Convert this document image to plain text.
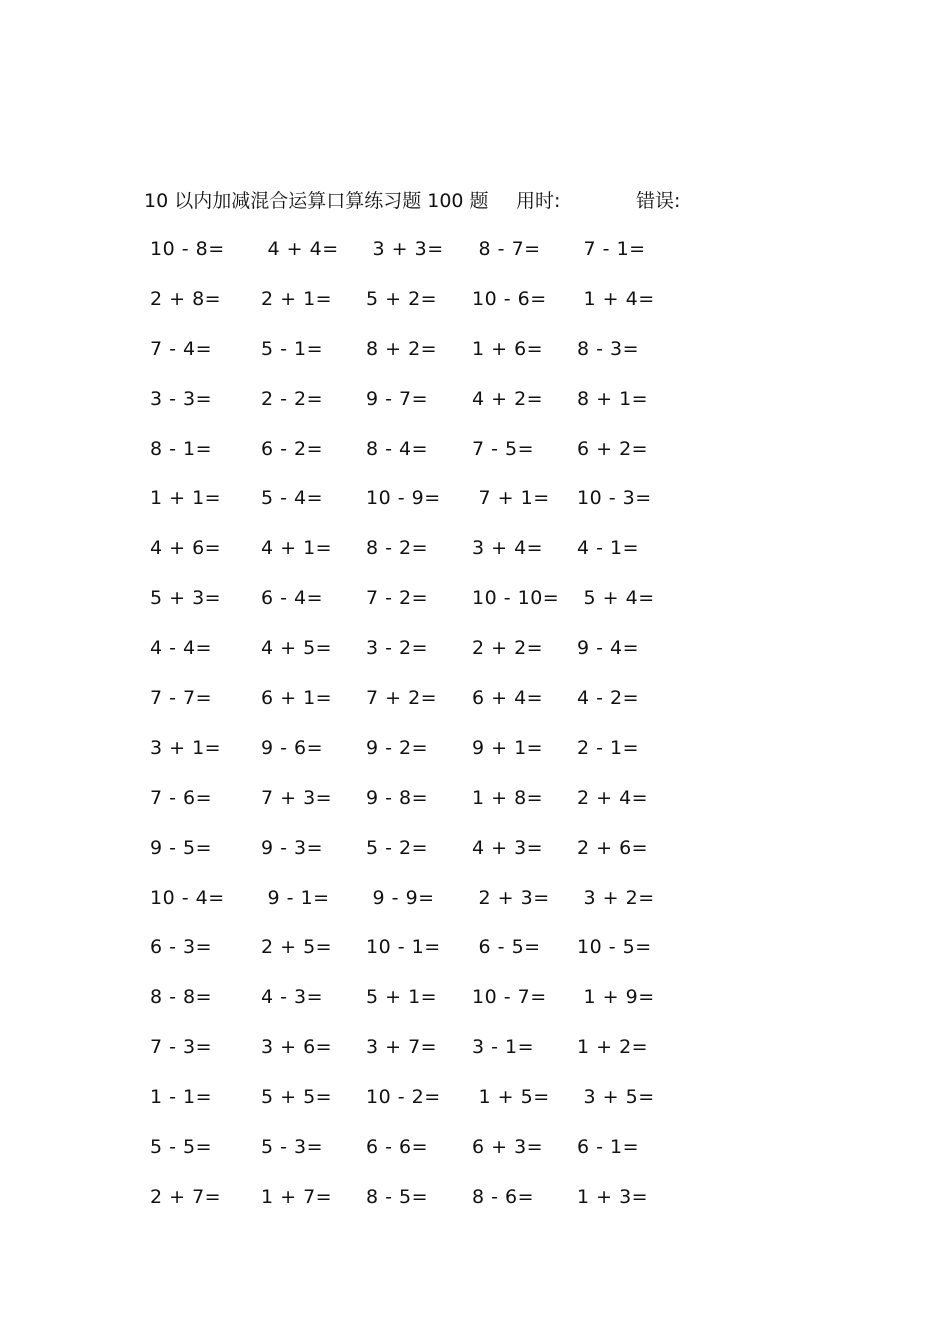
10 以内加减混合运算口算练习题 100 题 用时:	错误:
10 - 8= 4 + 4= 3 + 3= 8 - 7= 7 - 1=
2 + 8= 2 + 1= 5 + 2= 10 - 6= 1 + 4=
7 - 4=	5 - 1= 8 + 2= 1 + 6= 8 - 3=
3 - 3=	2 - 2= 9 - 7= 4 + 2= 8 + 1=
8 - 1=	6 - 2= 8 - 4= 7 - 5= 6 + 2=
1 + 1= 5 - 4= 10 - 9= 7 + 1= 10 - 3=
4 + 6= 4 + 1= 8 - 2= 3 + 4= 4 - 1=
5 + 3= 6 - 4= 7 - 2= 10 - 10= 5 + 4=
4 - 4=	4 + 5= 3 - 2= 2 + 2= 9 - 4=
7 - 7=	6 + 1= 7 + 2= 6 + 4= 4 - 2=
3 + 1= 9 - 6= 9 - 2= 9 + 1= 2 - 1=
7 - 6=	7 + 3= 9 - 8= 1 + 8= 2 + 4=
9 - 5=	9 - 3= 5 - 2= 4 + 3= 2 + 6=
10 - 4= 9 - 1= 9 - 9= 2 + 3= 3 + 2=
6 - 3=	2 + 5= 10 - 1= 6 - 5= 10 - 5=
8 - 8=	4 - 3= 5 + 1= 10 - 7= 1 + 9=
7 - 3=	3 + 6= 3 + 7= 3 - 1= 1 + 2=
1 - 1=	5 + 5= 10 - 2= 1 + 5= 3 + 5=
5 - 5=	5 - 3= 6 - 6= 6 + 3= 6 - 1=
2 + 7= 1 + 7= 8 - 5= 8 - 6= 1 + 3=
